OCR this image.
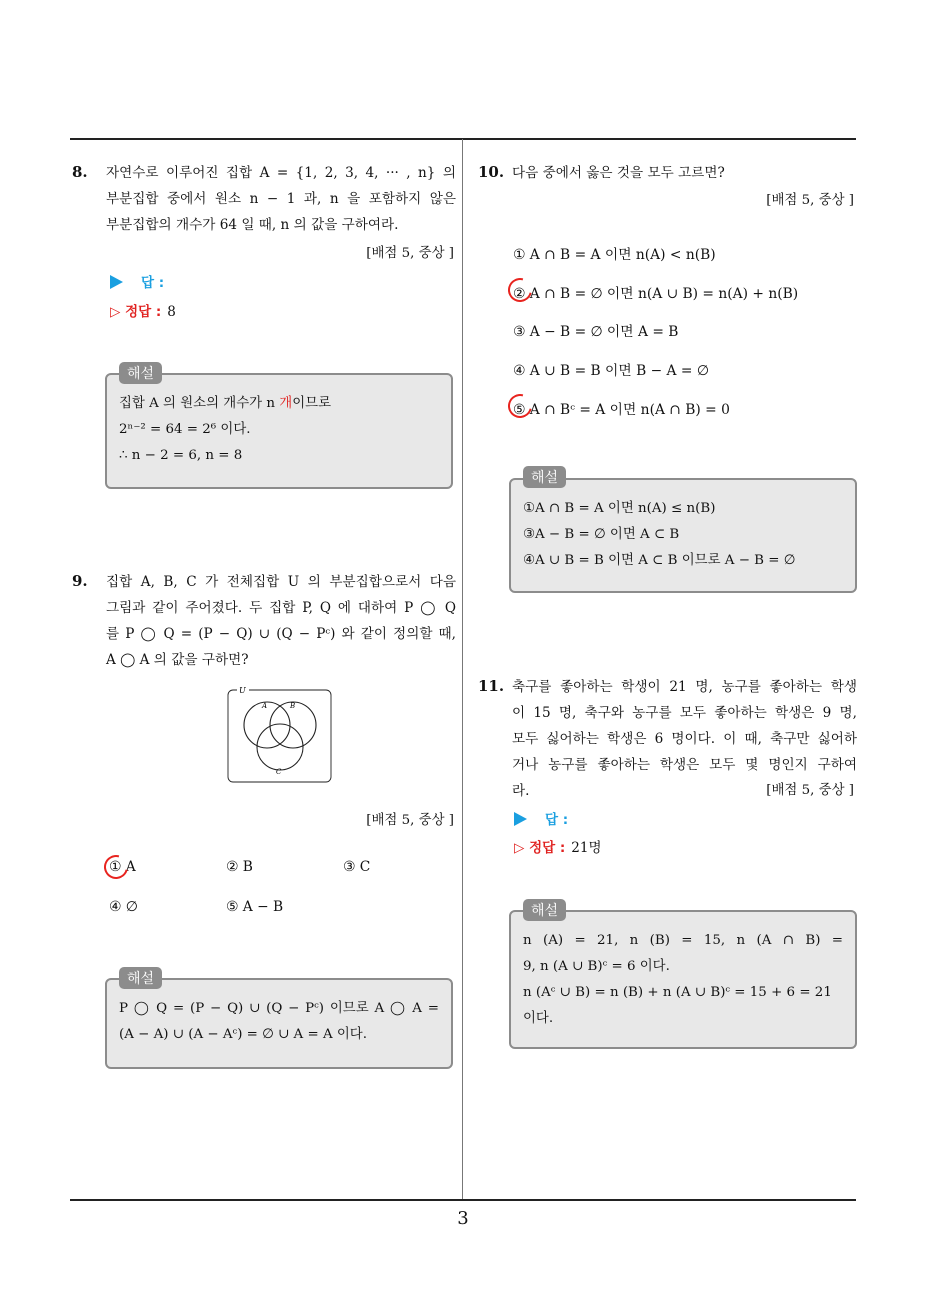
3
8. 자연수로 이루어진 집합 A = {1, 2, 3, 4, ··· , n} 의
부분집합 중에서 원소 n − 1 과, n 을 포함하지 않은
부분집합의 개수가 64 일 때, n 의 값을 구하여라.
[배점 5, 중상 ]
답 :
▷ 정답 : 8
집합 A 의 원소의 개수가 n 개이므로
2ⁿ⁻² = 64 = 2⁶ 이다.
∴ n − 2 = 6, n = 8
해설
9. 집합 A, B, C 가 전체집합 U 의 부분집합으로서 다음
그림과 같이 주어졌다. 두 집합 P, Q 에 대하여 P ◯ Q
를 P ◯ Q = (P − Q) ∪ (Q − Pᶜ) 와 같이 정의할 때,
A ◯ A 의 값을 구하면?
U
A	B
C
[배점 5, 중상 ]
① A	② B	③ C
④ ∅	⑤ A − B
P ◯ Q = (P − Q) ∪ (Q − Pᶜ) 이므로 A ◯ A =
(A − A) ∪ (A − Aᶜ) = ∅ ∪ A = A 이다.
해설
10. 다음 중에서 옳은 것을 모두 고르면?
[배점 5, 중상 ]
① A ∩ B = A 이면 n(A) < n(B)
② A ∩ B = ∅ 이면 n(A ∪ B) = n(A) + n(B)
③ A − B = ∅ 이면 A = B
④ A ∪ B = B 이면 B − A = ∅
⑤ A ∩ Bᶜ = A 이면 n(A ∩ B) = 0
①A ∩ B = A 이면 n(A) ≤ n(B)
③A − B = ∅ 이면 A ⊂ B
④A ∪ B = B 이면 A ⊂ B 이므로 A − B = ∅
해설
11. 축구를 좋아하는 학생이 21 명, 농구를 좋아하는 학생
이 15 명, 축구와 농구를 모두 좋아하는 학생은 9 명,
모두 싫어하는 학생은 6 명이다. 이 때, 축구만 싫어하
거나 농구를 좋아하는 학생은 모두 몇 명인지 구하여
라.	[배점 5, 중상 ]
답 :
▷ 정답 : 21명
n (A) = 21, n (B) = 15, n (A ∩ B) =
9, n (A ∪ B)ᶜ = 6 이다.
n (Aᶜ ∪ B) = n (B) + n (A ∪ B)ᶜ = 15 + 6 = 21
이다.
해설
